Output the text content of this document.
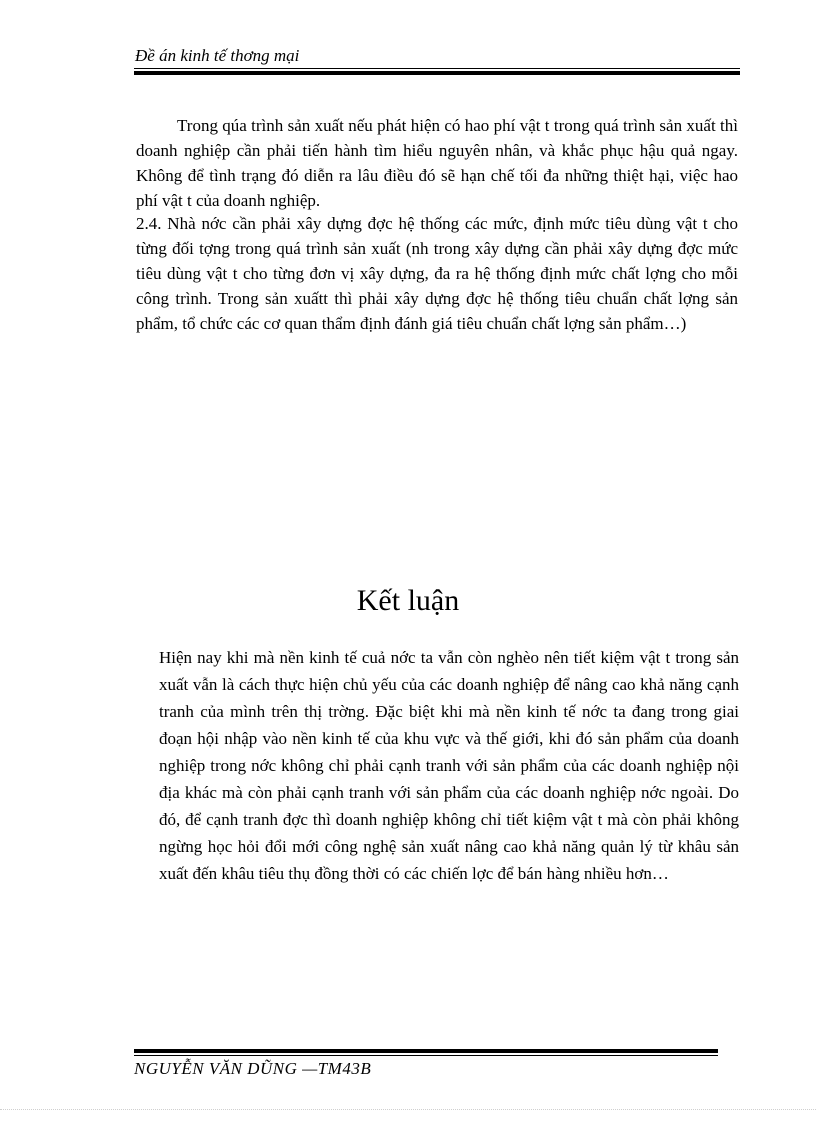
Đề án kinh tế thơng mại

Trong qúa trình sản xuất nếu phát hiện có hao phí vật t trong quá trình sản xuất thì doanh nghiệp cần phải tiến hành tìm hiểu nguyên nhân, và khắc phục hậu quả ngay. Không để tình trạng đó diễn ra lâu điều đó sẽ hạn chế tối đa những thiệt hại, việc hao phí vật t của doanh nghiệp.

2.4. Nhà nớc cần phải xây dựng đợc hệ thống các mức, định mức tiêu dùng vật t cho từng đối tợng trong quá trình sản xuất (nh trong xây dựng cần phải xây dựng đợc mức tiêu dùng vật t cho từng đơn vị xây dựng, đa ra hệ thống định mức chất lợng cho mỗi công trình. Trong sản xuấtt thì phải xây dựng đợc hệ thống tiêu chuẩn chất lợng sản phẩm, tổ chức các cơ quan thẩm định đánh giá tiêu chuẩn chất lợng sản phẩm…)

Kết luận
Hiện nay khi mà nền kinh tế cuả nớc ta vẫn còn nghèo nên tiết kiệm vật t trong sản xuất vẫn là cách thực hiện chủ yếu của các doanh nghiệp để nâng cao khả năng cạnh tranh của mình trên thị trờng. Đặc biệt khi mà nền kinh tế nớc ta đang trong giai đoạn hội nhập vào nền kinh tế của khu vực và thế giới, khi đó sản phẩm của doanh nghiệp trong nớc không chỉ phải cạnh tranh với sản phẩm của các doanh nghiệp nội địa khác mà còn phải cạnh tranh với sản phẩm của các doanh nghiệp nớc ngoài. Do đó, để cạnh tranh đợc thì doanh nghiệp không chỉ tiết kiệm vật t mà còn phải không ngừng học hỏi đổi mới công nghệ sản xuất nâng cao khả năng quản lý từ khâu sản xuất đến khâu tiêu thụ đồng thời có các chiến lợc để bán hàng nhiều hơn…
NGUYỄN VĂN DŨNG —TM43B
